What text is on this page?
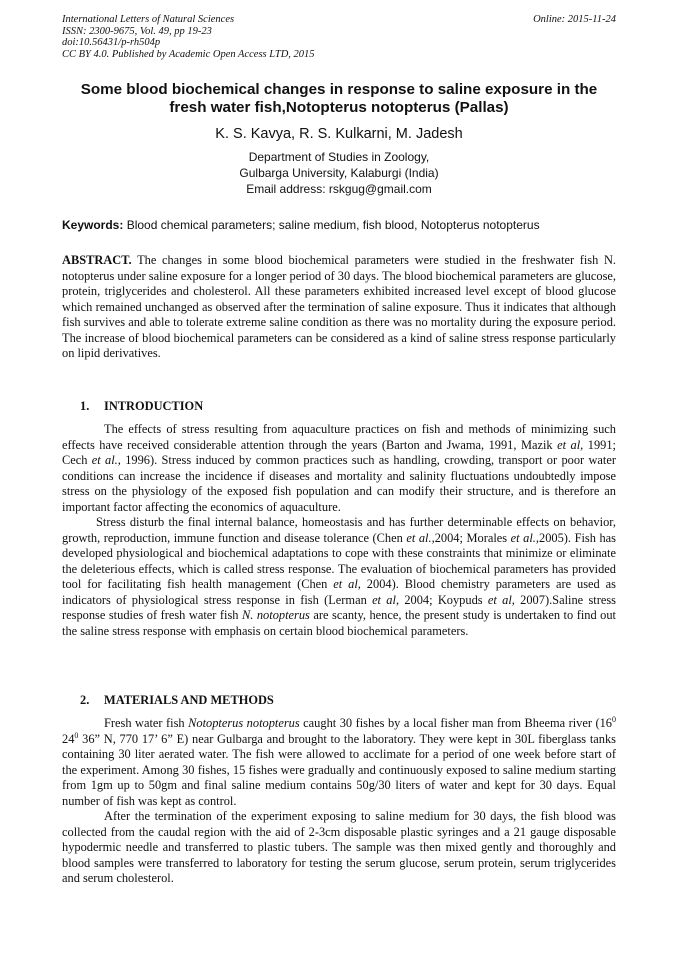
International Letters of Natural Sciences
ISSN: 2300-9675, Vol. 49, pp 19-23
doi:10.56431/p-rh504p
CC BY 4.0. Published by Academic Open Access LTD, 2015
Online: 2015-11-24
Some blood biochemical changes in response to saline exposure in the
fresh water fish,Notopterus notopterus (Pallas)
K. S. Kavya, R. S. Kulkarni, M. Jadesh
Department of Studies in Zoology,
Gulbarga University, Kalaburgi (India)
Email address: rskgug@gmail.com
Keywords: Blood chemical parameters; saline medium, fish blood, Notopterus notopterus
ABSTRACT. The changes in some blood biochemical parameters were studied in the freshwater fish N. notopterus under saline exposure for a longer period of 30 days. The blood biochemical parameters are glucose, protein, triglycerides and cholesterol. All these parameters exhibited increased level except of blood glucose which remained unchanged as observed after the termination of saline exposure. Thus it indicates that although fish survives and able to tolerate extreme saline condition as there was no mortality during the exposure period. The increase of blood biochemical parameters can be considered as a kind of saline stress response particularly on lipid derivatives.
1. INTRODUCTION

The effects of stress resulting from aquaculture practices on fish and methods of minimizing such effects have received considerable attention through the years (Barton and Jwama, 1991, Mazik et al, 1991; Cech et al., 1996). Stress induced by common practices such as handling, crowding, transport or poor water conditions can increase the incidence if diseases and mortality and salinity fluctuations undoubtedly impose stress on the physiology of the exposed fish population and can modify their structure, and is therefore an important factor affecting the economics of aquaculture.

Stress disturb the final internal balance, homeostasis and has further determinable effects on behavior, growth, reproduction, immune function and disease tolerance (Chen et al.,2004; Morales et al.,2005). Fish has developed physiological and biochemical adaptations to cope with these constraints that minimize or eliminate the deleterious effects, which is called stress response. The evaluation of biochemical parameters has provided tool for facilitating fish health management (Chen et al, 2004). Blood chemistry parameters are used as indicators of physiological stress response in fish (Lerman et al, 2004; Koypuds et al, 2007).Saline stress response studies of fresh water fish N. notopterus are scanty, hence, the present study is undertaken to find out the saline stress response with emphasis on certain blood biochemical parameters.

2. MATERIALS AND METHODS

Fresh water fish Notopterus notopterus caught 30 fishes by a local fisher man from Bheema river ($16^0$ $24^0$ 36” N, 770 17’ 6” E) near Gulbarga and brought to the laboratory. They were kept in 30L fiberglass tanks containing 30 liter aerated water. The fish were allowed to acclimate for a period of one week before start of the experiment. Among 30 fishes, 15 fishes were gradually and continuously exposed to saline medium starting from 1gm up to 50gm and final saline medium contains 50g/30 liters of water and kept for 30 days. Equal number of fish was kept as control.

After the termination of the experiment exposing to saline medium for 30 days, the fish blood was collected from the caudal region with the aid of 2-3cm disposable plastic syringes and a 21 gauge disposable hypodermic needle and transferred to plastic tubers. The sample was then mixed gently and thoroughly and blood samples were transferred to laboratory for testing the serum glucose, serum protein, serum triglycerides and serum cholesterol.
